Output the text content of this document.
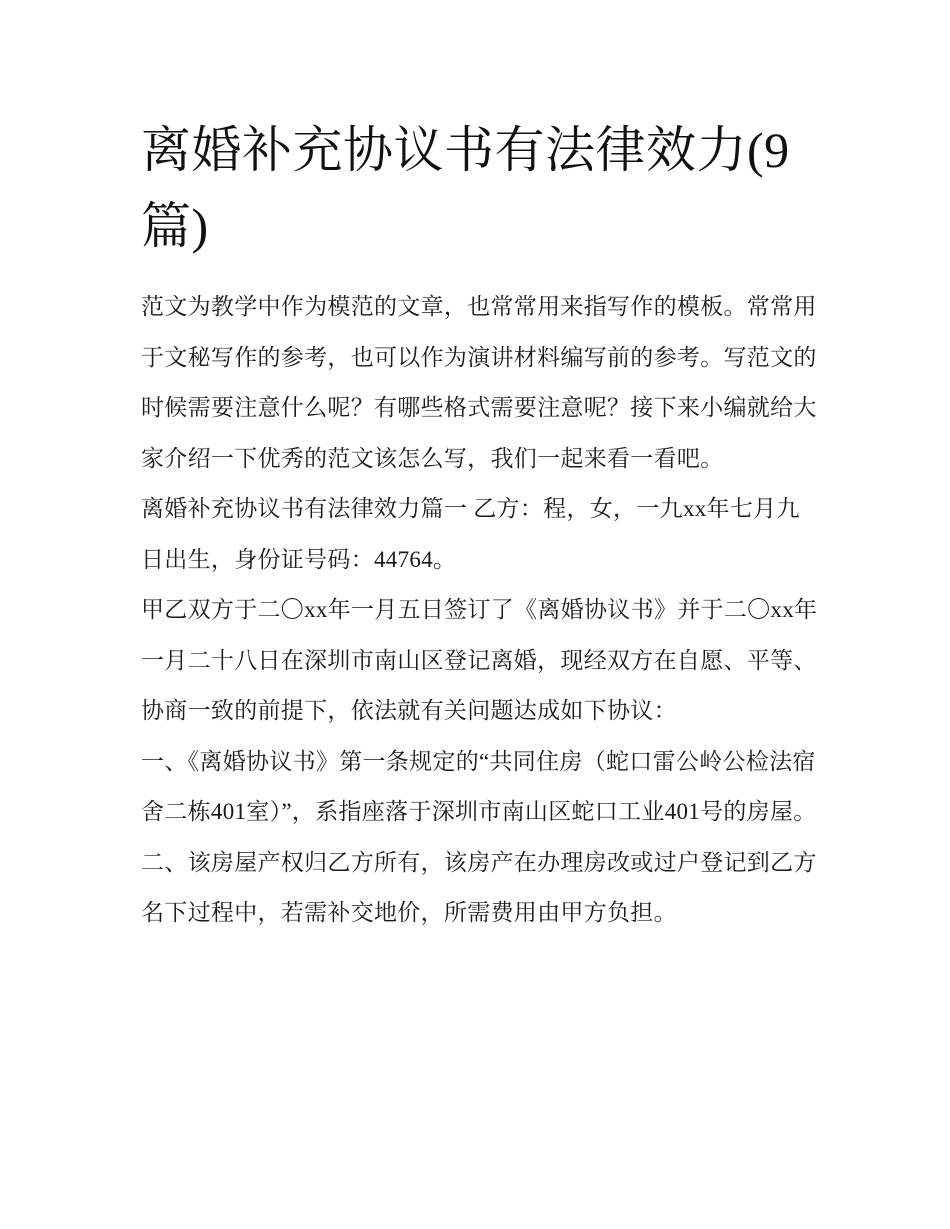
离婚补充协议书有法律效力(9篇)

范文为教学中作为模范的文章，也常常用来指写作的模板。常常用于文秘写作的参考，也可以作为演讲材料编写前的参考。写范文的时候需要注意什么呢？有哪些格式需要注意呢？接下来小编就给大家介绍一下优秀的范文该怎么写，我们一起来看一看吧。

离婚补充协议书有法律效力篇一 乙方：程，女，一九xx年七月九日出生，身份证号码：44764。

甲乙双方于二〇xx年一月五日签订了《离婚协议书》并于二〇xx年一月二十八日在深圳市南山区登记离婚，现经双方在自愿、平等、协商一致的前提下，依法就有关问题达成如下协议：

一、《离婚协议书》第一条规定的“共同住房（蛇口雷公岭公检法宿舍二栋401室）”，系指座落于深圳市南山区蛇口工业401号的房屋。

二、该房屋产权归乙方所有，该房产在办理房改或过户登记到乙方名下过程中，若需补交地价，所需费用由甲方负担。
